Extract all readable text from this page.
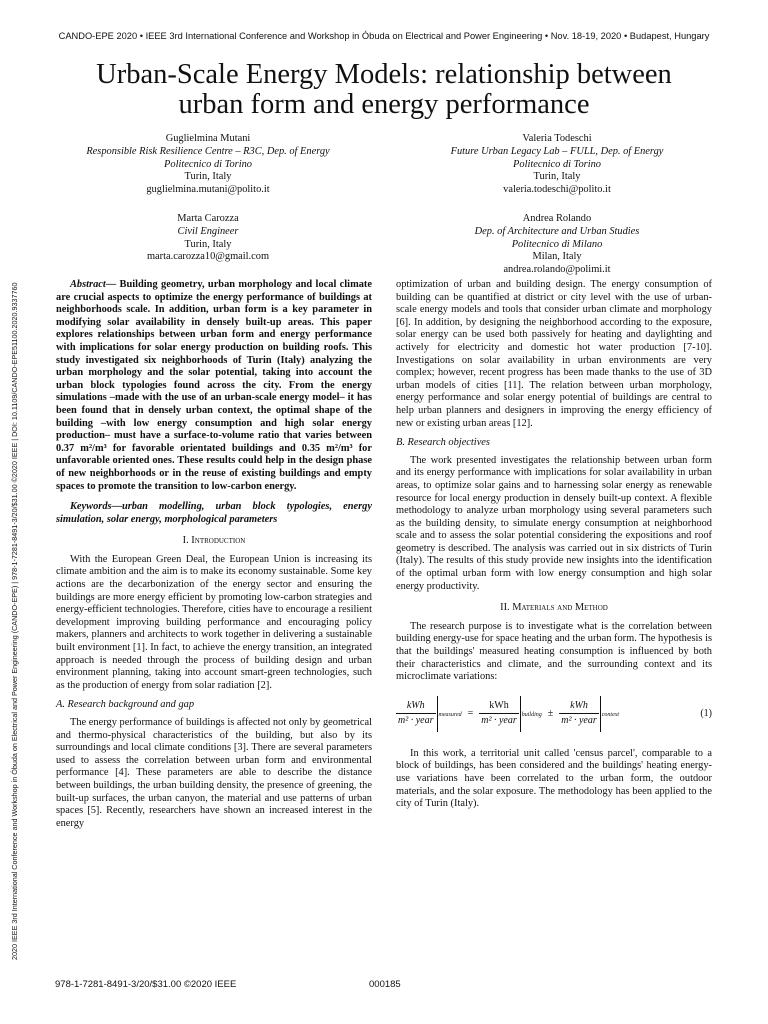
CANDO-EPE 2020 • IEEE 3rd International Conference and Workshop in Óbuda on Electrical and Power Engineering • Nov. 18-19, 2020 • Budapest, Hungary
Urban-Scale Energy Models: relationship between
urban form and energy performance
Guglielmina Mutani
Responsible Risk Resilience Centre – R3C, Dep. of Energy
Politecnico di Torino
Turin, Italy
guglielmina.mutani@polito.it
Valeria Todeschi
Future Urban Legacy Lab – FULL, Dep. of Energy
Politecnico di Torino
Turin, Italy
valeria.todeschi@polito.it
Marta Carozza
Civil Engineer
Turin, Italy
marta.carozza10@gmail.com
Andrea Rolando
Dep. of Architecture and Urban Studies
Politecnico di Milano
Milan, Italy
andrea.rolando@polimi.it
2020 IEEE 3rd International Conference and Workshop in Óbuda on Electrical and Power Engineering (CANDO-EPE) | 978-1-7281-8491-3/20/$31.00 ©2020 IEEE | DOI: 10.1109/CANDO-EPE51100.2020.9337760	Abstract— Building geometry, urban morphology and local climate are crucial aspects to optimize the energy performance of buildings at neighborhoods scale. In addition, urban form is a key parameter in modifying solar availability in densely built-up areas. This paper explores relationships between urban form and energy performance with implications for solar energy production on building roofs. This study investigated six neighborhoods of Turin (Italy) analyzing the urban morphology and the solar potential, taking into account the urban block typologies found across the city. From the energy simulations –made with the use of an urban-scale energy model– it has been found that in densely urban context, the optimal shape of the building –with low energy consumption and high solar energy production– must have a surface-to-volume ratio that varies between 0.37 m²/m³ for favorable orientated buildings and 0.35 m²/m³ for unfavorable oriented ones. These results could help in the design phase of new neighborhoods or in the reuse of existing buildings and empty spaces to promote the transition to low-carbon energy.

Keywords—urban modelling, urban block typologies, energy simulation, solar energy, morphological parameters

I. Introduction

With the European Green Deal, the European Union is increasing its climate ambition and the aim is to make its economy sustainable. Some key actions are the decarbonization of the energy sector and ensuring the buildings are more energy efficient by promoting low-carbon strategies and energy-efficient technologies. Therefore, cities have to encourage a resilient development improving building performance and encouraging policy makers, planners and architects to work together in delivering a sustainable built environment [1]. In fact, to achieve the energy transition, an integrated approach is needed through the process of building design and urban environment planning, taking into account smart-green technologies, such as the production of energy from solar radiation [2].

A. Research background and gap

The energy performance of buildings is affected not only by geometrical and thermo-physical characteristics of the building, but also by its surroundings and local climate conditions [3]. There are several parameters used to assess the correlation between urban form and environmental performance [4]. These parameters are able to describe the distance between buildings, the urban building density, the presence of greening, the built-up surfaces, the urban canyon, the material and use patterns of urban spaces [5]. Recently, researchers have shown an increased interest in the energy

optimization of urban and building design. The energy consumption of building can be quantified at district or city level with the use of urban-scale energy models and tools that consider urban climate and morphology [6]. In addition, by designing the neighborhood according to the exposure, solar energy can be used both passively for heating and daylighting and actively for electricity and domestic hot water production [7-10]. Investigations on solar availability in urban environments are very complex; however, recent progress has been made thanks to the use of 3D urban models of cities [11]. The relation between urban morphology, energy performance and solar energy potential of buildings are central to help urban planners and designers in improving the energy efficiency of new or existing urban areas [12].

B. Research objectives

The work presented investigates the relationship between urban form and its energy performance with implications for solar availability in urban areas, to optimize solar gains and to harnessing solar energy as renewable resource for local energy production in densely built-up context. A flexible methodology to analyze urban morphology using several parameters such as the building density, to simulate energy consumption at neighborhood scale and to assess the solar potential considering the expositions and roof geometry is described. The analysis was carried out in six districts of Turin (Italy). The results of this study provide new insights into the identification of the optimal urban form with low energy consumption and high solar energy productivity.

II. Materials and Method

The research purpose is to investigate what is the correlation between building energy-use for space heating and the urban form. The hypothesis is that the buildings' measured heating consumption is influenced by both their characteristics and climate, and the surrounding context and its microclimate variations:

$\frac{\text{kWh}}{\text{m² · year}}$ measured = $\frac{\text{kWh}}{\text{m² · year}}$ building ± $\frac{\text{kWh}}{\text{m² · year}}$ context	(1)

In this work, a territorial unit called 'census parcel', comparable to a block of buildings, has been considered and the buildings' heating energy-use variations have been correlated to the urban form, the outdoor materials, and the solar exposure. The methodology has been applied to the city of Turin (Italy).

978-1-7281-8491-3/20/$31.00 ©2020 IEEE	000185
